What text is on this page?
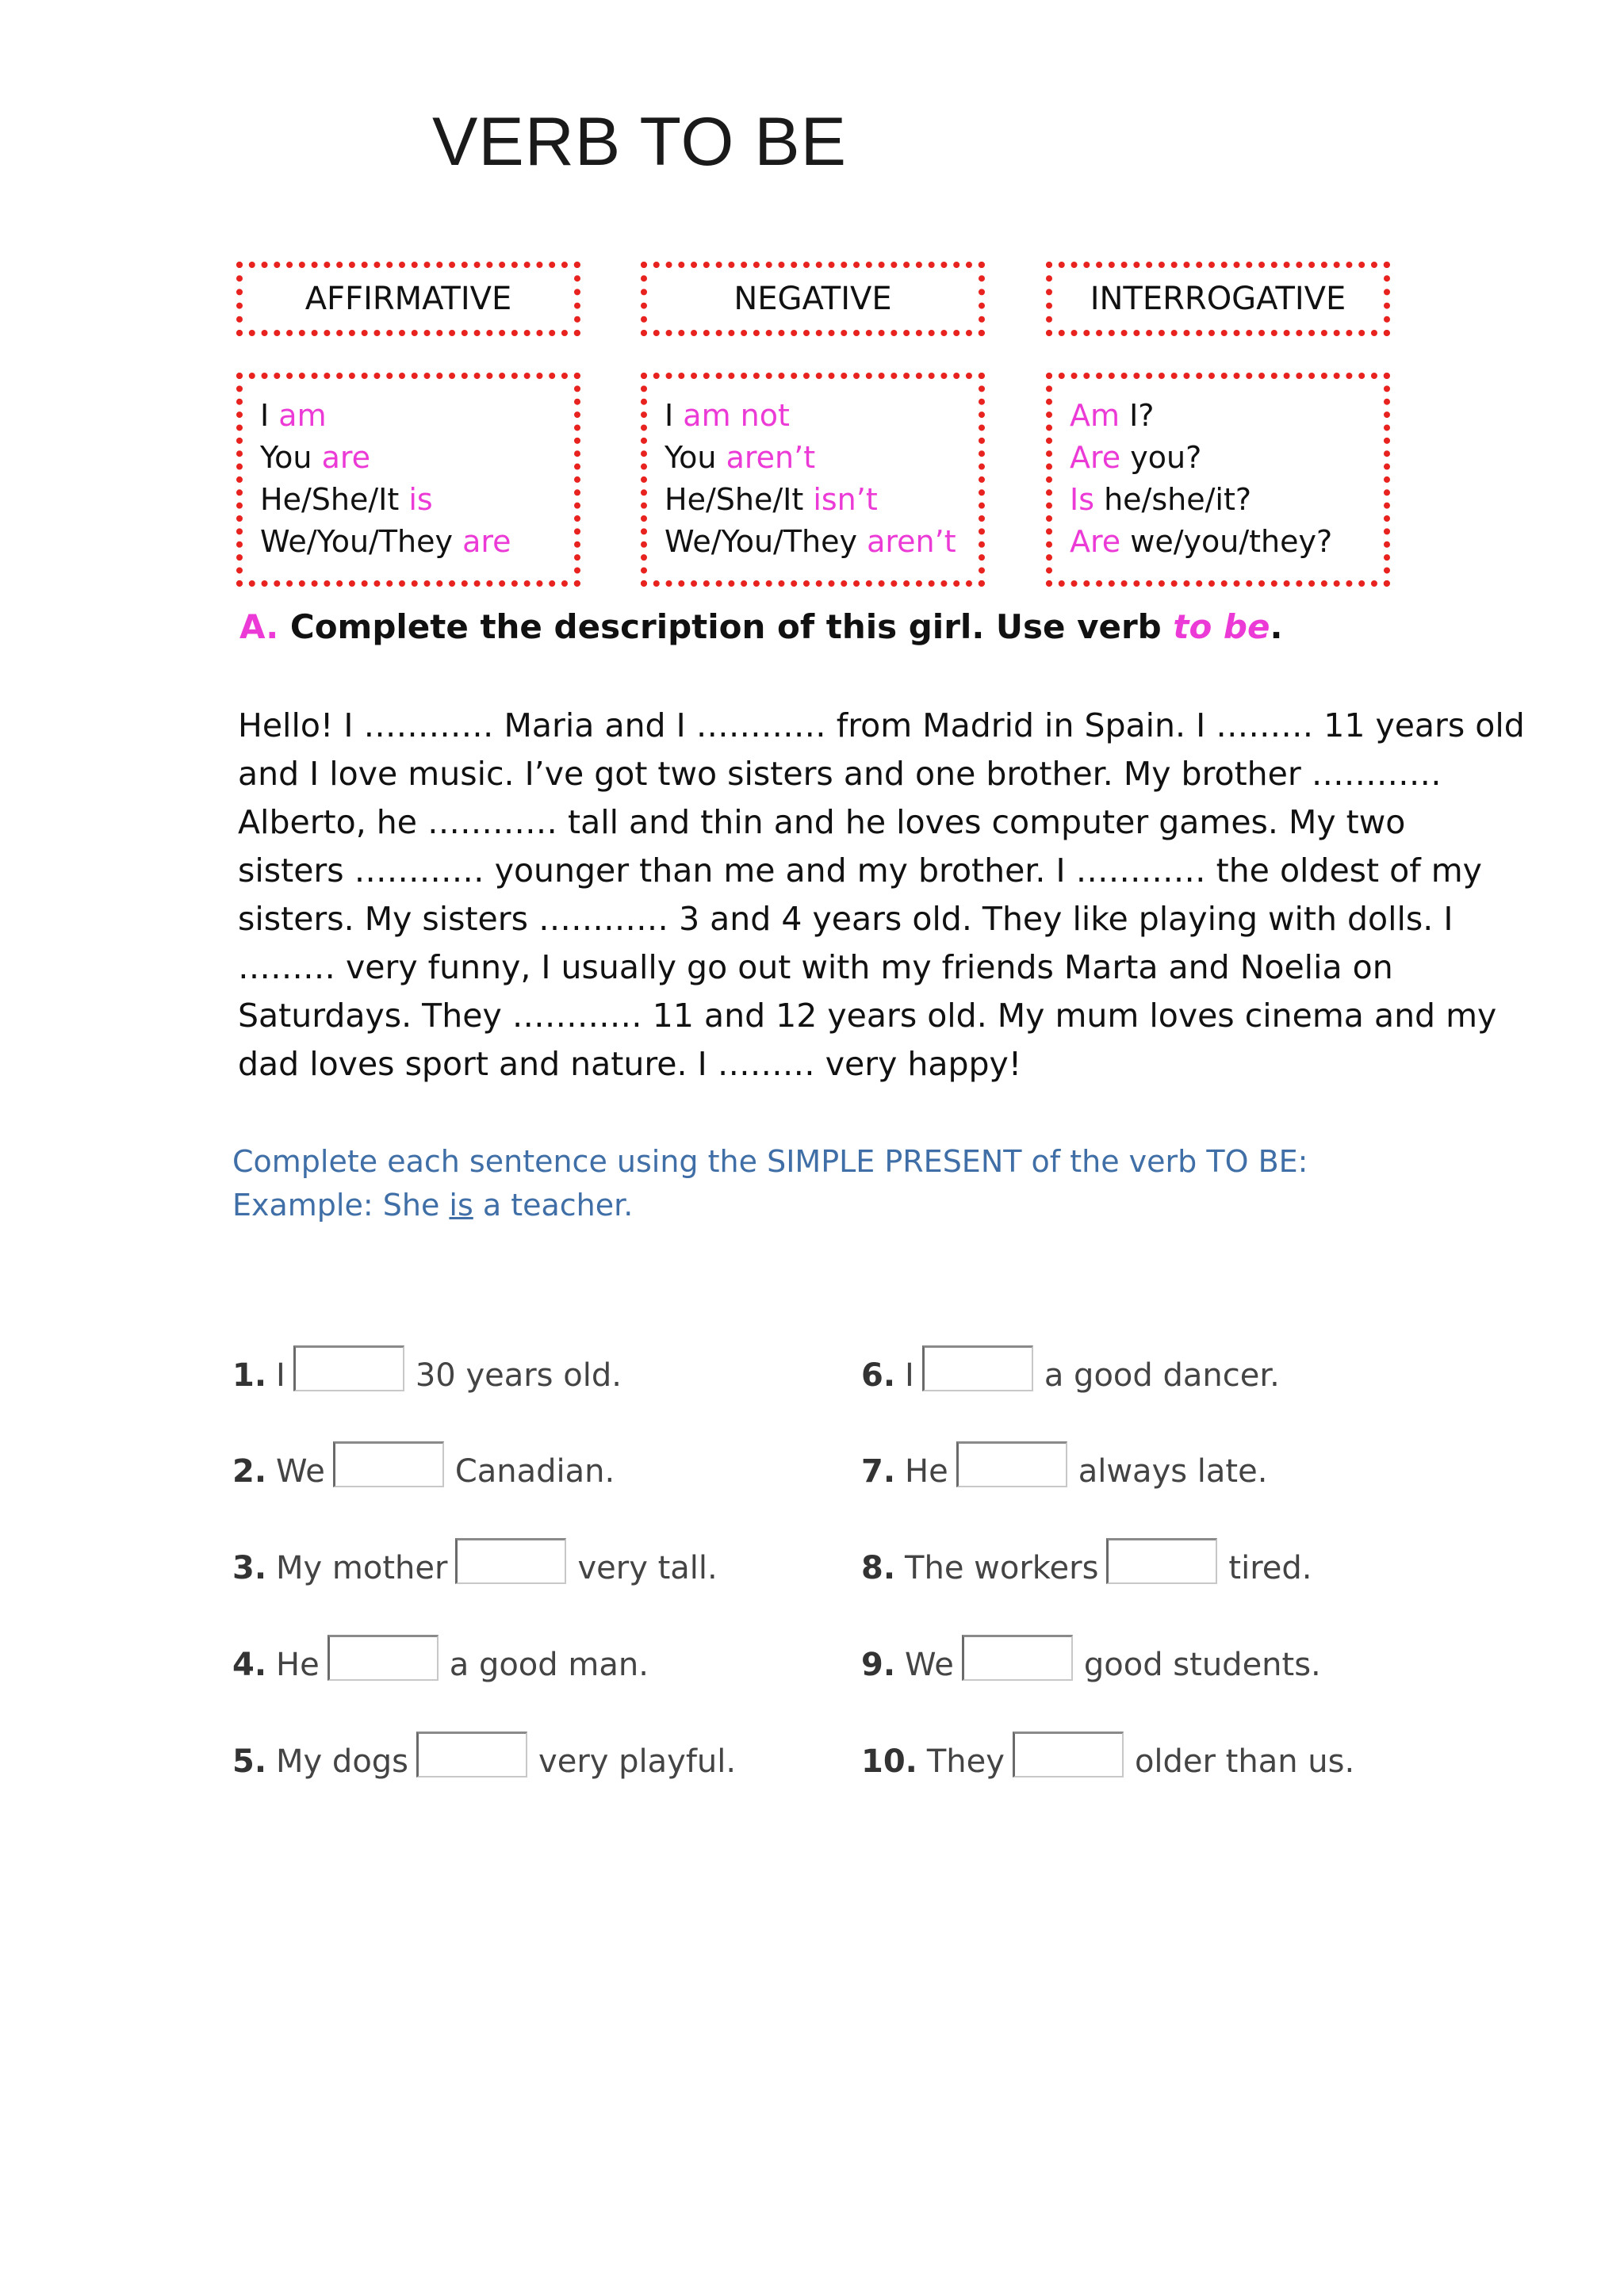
VERB TO BE
AFFIRMATIVE	NEGATIVE	INTERROGATIVE
I am
You are
He/She/It is
We/You/They are
I am not
You aren’t
He/She/It isn’t
We/You/They aren’t
Am I?
Are you?
Is he/she/it?
Are we/you/they?
A. Complete the description of this girl. Use verb to be.
Hello! I ………… Maria and I ………… from Madrid in Spain. I ……… 11 years old
and I love music. I’ve got two sisters and one brother. My brother …………
Alberto, he ………… tall and thin and he loves computer games. My two
sisters ………… younger than me and my brother. I ………… the oldest of my
sisters. My sisters ………… 3 and 4 years old. They like playing with dolls. I
……… very funny, I usually go out with my friends Marta and Noelia on
Saturdays. They ………… 11 and 12 years old. My mum loves cinema and my
dad loves sport and nature. I ……… very happy!
Complete each sentence using the SIMPLE PRESENT of the verb TO BE:
Example: She is a teacher.
1. I	30 years old.
2. We	Canadian.
3. My mother	very tall.
4. He	a good man.
5. My dogs	very playful.
6. I	a good dancer.
7. He	always late.
8. The workers	tired.
9. We	good students.
10. They	older than us.
